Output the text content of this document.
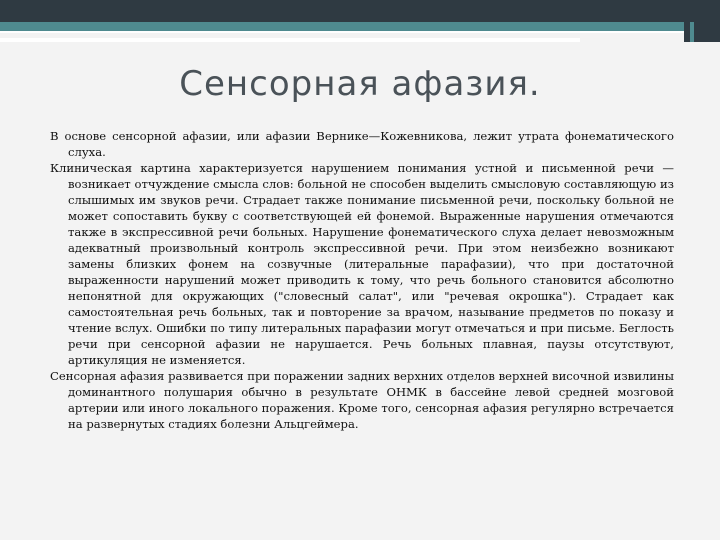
Сенсорная афазия.

В основе сенсорной афазии, или афазии Вернике—Кожевникова, лежит утрата фонематического слуха.

Клиническая картина характеризуется нарушением понимания устной и письменной речи — возникает отчуждение смысла слов: больной не способен выделить смысловую составляющую из слышимых им звуков речи. Страдает также понимание письменной речи, поскольку больной не может сопоставить букву с соответствующей ей фонемой. Выраженные нарушения отмечаются также в экспрессивной речи больных. Нарушение фонематического слуха делает невозможным адекватный произвольный контроль экспрессивной речи. При этом неизбежно возникают замены близких фонем на созвучные (литеральные парафазии), что при достаточной выраженности нарушений может приводить к тому, что речь больного становится абсолютно непонятной для окружающих ("словесный салат", или "речевая окрошка"). Страдает как самостоятельная речь больных, так и повторение за врачом, называние предметов по показу и чтение вслух. Ошибки по типу литеральных парафазии могут отмечаться и при письме. Беглость речи при сенсорной афазии не нарушается. Речь больных плавная, паузы отсутствуют, артикуляция не изменяется.

Сенсорная афазия развивается при поражении задних верхних отделов верхней височной извилины доминантного полушария обычно в результате ОНМК в бассейне левой средней мозговой артерии или иного локального поражения. Кроме того, сенсорная афазия регулярно встречается на развернутых стадиях болезни Альцгеймера.
